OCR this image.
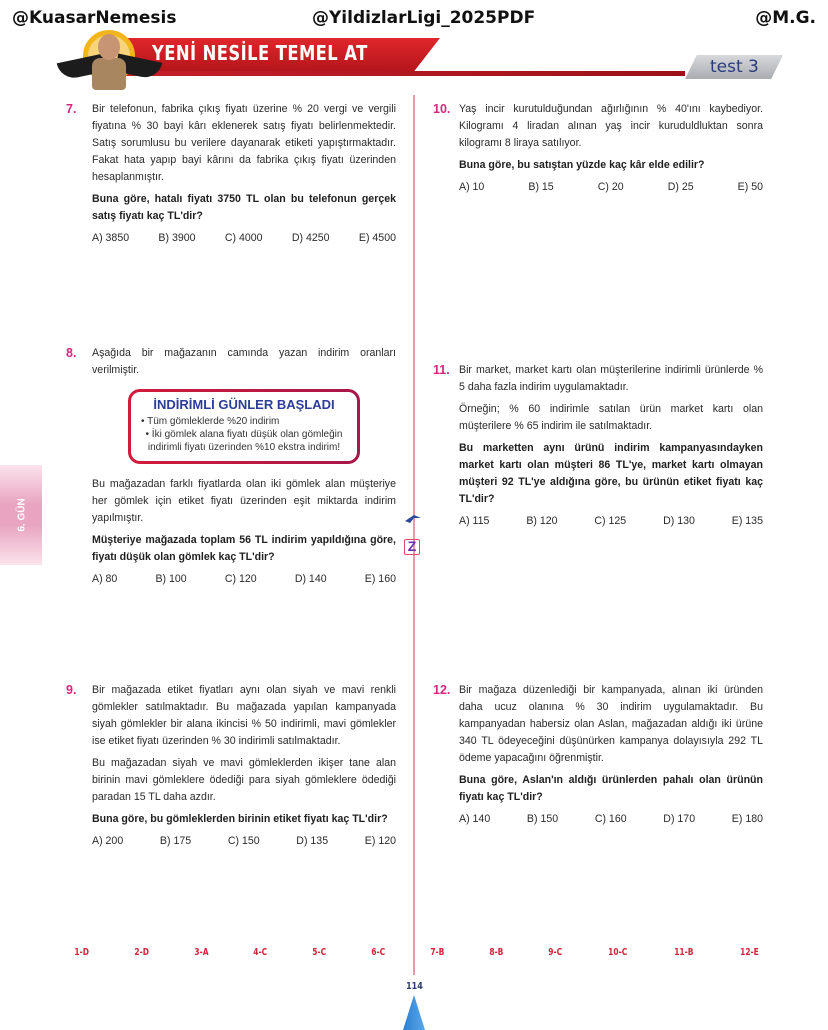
@KuasarNemesis	@YildizlarLigi_2025PDF	@M.G.
YENİ NESİLE TEMEL AT
test 3
6. GÜN
Z
7. Bir telefonun, fabrika çıkış fiyatı üzerine % 20 vergi ve vergili fiyatına % 30 bayi kârı eklenerek satış fiyatı belirlenmektedir. Satış sorumlusu bu verilere dayanarak etiketi yapıştırmaktadır. Fakat hata yapıp bayi kârını da fabrika çıkış fiyatı üzerinden hesaplanmıştır.

Buna göre, hatalı fiyatı 3750 TL olan bu telefonun gerçek satış fiyatı kaç TL'dir?

A) 3850	B) 3900	C) 4000	D) 4250	E) 4500
8. Aşağıda bir mağazanın camında yazan indirim oranları verilmiştir.

İNDİRİMLİ GÜNLER BAŞLADI
• Tüm gömleklerde %20 indirim
• İki gömlek alana fiyatı düşük olan gömleğin indirimli fiyatı üzerinden %10 ekstra indirim!

Bu mağazadan farklı fiyatlarda olan iki gömlek alan müşteriye her gömlek için etiket fiyatı üzerinden eşit miktarda indirim yapılmıştır.

Müşteriye mağazada toplam 56 TL indirim yapıldığına göre, fiyatı düşük olan gömlek kaç TL'dir?

A) 80	B) 100	C) 120	D) 140	E) 160
9. Bir mağazada etiket fiyatları aynı olan siyah ve mavi renkli gömlekler satılmaktadır. Bu mağazada yapılan kampanyada siyah gömlekler bir alana ikincisi % 50 indirimli, mavi gömlekler ise etiket fiyatı üzerinden % 30 indirimli satılmaktadır.

Bu mağazadan siyah ve mavi gömleklerden ikişer tane alan birinin mavi gömleklere ödediği para siyah gömleklere ödediği paradan 15 TL daha azdır.

Buna göre, bu gömleklerden birinin etiket fiyatı kaç TL'dir?

A) 200	B) 175	C) 150	D) 135	E) 120
10. Yaş incir kurutulduğundan ağırlığının % 40'ını kaybediyor. Kilogramı 4 liradan alınan yaş incir kuruduldluktan sonra kilogramı 8 liraya satılıyor.

Buna göre, bu satıştan yüzde kaç kâr elde edilir?

A) 10	B) 15	C) 20	D) 25	E) 50
11. Bir market, market kartı olan müşterilerine indirimli ürünlerde % 5 daha fazla indirim uygulamaktadır.

Örneğin; % 60 indirimle satılan ürün market kartı olan müşterilere % 65 indirim ile satılmaktadır.

Bu marketten aynı ürünü indirim kampanyasındayken market kartı olan müşteri 86 TL'ye, market kartı olmayan müşteri 92 TL'ye aldığına göre, bu ürünün etiket fiyatı kaç TL'dir?

A) 115	B) 120	C) 125	D) 130	E) 135
12. Bir mağaza düzenlediği bir kampanyada, alınan iki üründen daha ucuz olanına % 30 indirim uygulamaktadır. Bu kampanyadan habersiz olan Aslan, mağazadan aldığı iki ürüne 340 TL ödeyeceğini düşünürken kampanya dolayısıyla 292 TL ödeme yapacağını öğrenmiştir.

Buna göre, Aslan'ın aldığı ürünlerden pahalı olan ürünün fiyatı kaç TL'dir?

A) 140	B) 150	C) 160	D) 170	E) 180
1-D	2-D	3-A	4-C	5-C	6-C	7-B	8-B	9-C	10-C	11-B	12-E
114
